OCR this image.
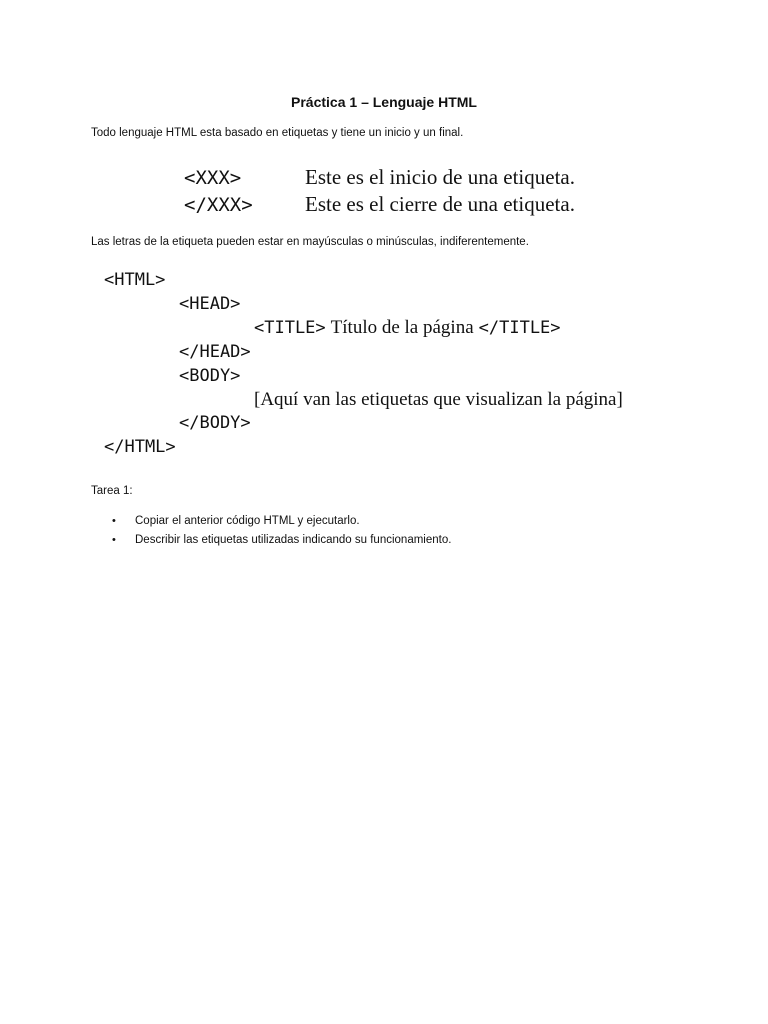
Práctica 1 – Lenguaje HTML
Todo lenguaje HTML esta basado en etiquetas y tiene un inicio y un final.
<XXX>	Este es el inicio de una etiqueta.
</XXX> Este es el cierre de una etiqueta.
Las letras de la etiqueta pueden estar en mayúsculas o minúsculas, indiferentemente.
<HTML>
<HEAD>
<TITLE> Título de la página </TITLE>
</HEAD>
<BODY>
[Aquí van las etiquetas que visualizan la página]
</BODY>
</HTML>
Tarea 1:
• Copiar el anterior código HTML y ejecutarlo.
• Describir las etiquetas utilizadas indicando su funcionamiento.
